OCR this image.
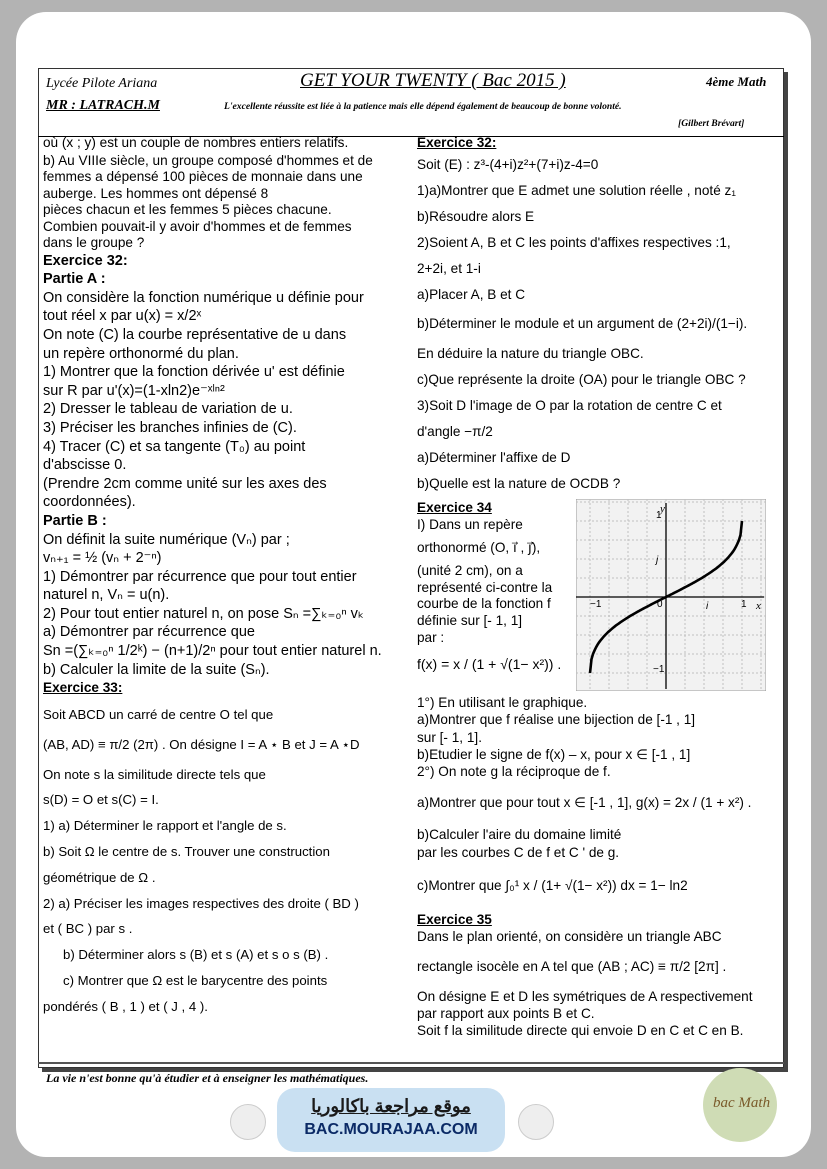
Lycée Pilote Ariana	GET YOUR TWENTY ( Bac 2015 )	4ème Math
MR : LATRACH.M	L'excellente réussite est liée à la patience mais elle dépend également de beaucoup de bonne volonté.
[Gilbert Brévart]

où (x ; y) est un couple de nombres entiers relatifs.

b) Au VIIIe siècle, un groupe composé d'hommes et de

femmes a dépensé 100 pièces de monnaie dans une

auberge. Les hommes ont dépensé 8

pièces chacun et les femmes 5 pièces chacune.

Combien pouvait-il y avoir d'hommes et de femmes

dans le groupe ?

Exercice 32:

Partie A :

On considère la fonction numérique u définie pour

tout réel x par u(x) = x/2ˣ

On note (C) la courbe représentative de u dans

un repère orthonormé du plan.

1) Montrer que la fonction dérivée u' est définie

sur R par u'(x)=(1-xln2)e⁻ˣˡⁿ²

2) Dresser le tableau de variation de u.

3) Préciser les branches infinies de (C).

4) Tracer (C) et sa tangente (T₀) au point

d'abscisse 0.

(Prendre 2cm comme unité sur les axes des

coordonnées).

Partie B :

On définit la suite numérique (Vₙ) par ;

vₙ₊₁ = ½ (vₙ + 2⁻ⁿ)

1) Démontrer par récurrence que pour tout entier

naturel n, Vₙ = u(n).

2) Pour tout entier naturel n, on pose Sₙ =∑ₖ₌₀ⁿ vₖ

a) Démontrer par récurrence que

Sn =(∑ₖ₌₀ⁿ 1/2ᵏ) − (n+1)/2ⁿ pour tout entier naturel n.

b) Calculer la limite de la suite (Sₙ).

Exercice 33:

Soit ABCD un carré de centre O tel que

(AB, AD) ≡ π/2 (2π) . On désigne I = A ⋆ B et J = A ⋆D

On note s la similitude directe tels que

s(D) = O et s(C) = I.

1) a) Déterminer le rapport et l'angle de s.

b) Soit Ω le centre de s. Trouver une construction

géométrique de Ω .

2) a) Préciser les images respectives des droite ( BD )

et ( BC ) par s .

b) Déterminer alors s (B) et s (A) et s o s (B) .

c) Montrer que Ω est le barycentre des points

pondérés ( B , 1 ) et ( J , 4 ).

Exercice 32:

Soit (E) : z³-(4+i)z²+(7+i)z-4=0

1)a)Montrer que E admet une solution réelle , noté z₁

b)Résoudre alors E

2)Soient A, B et C les points d'affixes respectives :1,

2+2i, et 1-i

a)Placer A, B et C

b)Déterminer le module et un argument de (2+2i)/(1−i).

En déduire la nature du triangle OBC.

c)Que représente la droite (OA) pour le triangle OBC ?

3)Soit D l'image de O par la rotation de centre C et

d'angle −π/2

a)Déterminer l'affixe de D

b)Quelle est la nature de OCDB ?

Exercice 34

I) Dans un repère

orthonormé (O, i⃗ , j⃗),

(unité 2 cm), on a

représenté ci-contre la

courbe de la fonction f

définie sur [- 1, 1]

par :

f(x) = x / (1 + √(1− x²)) .

x
y
−1	0	1
1
−1
j
i

1°) En utilisant le graphique.

a)Montrer que f réalise une bijection de [-1 , 1]

sur [- 1, 1].

b)Etudier le signe de f(x) – x, pour x ∈ [-1 , 1]

2°) On note g la réciproque de f.

a)Montrer que pour tout x ∈ [-1 , 1], g(x) = 2x / (1 + x²) .

b)Calculer l'aire du domaine limité

par les courbes C de f et C ' de g.

c)Montrer que ∫₀¹ x / (1+ √(1− x²)) dx = 1− ln2

Exercice 35

Dans le plan orienté, on considère un triangle ABC

rectangle isocèle en A tel que (AB ; AC) ≡ π/2 [2π] .

On désigne E et D les symétriques de A respectivement

par rapport aux points B et C.

Soit f la similitude directe qui envoie D en C et C en B.

La vie n'est bonne qu'à étudier et à enseigner les mathématiques.
موقع مراجعة باكالوريا
BAC.MOURAJAA.COM
bac Math
